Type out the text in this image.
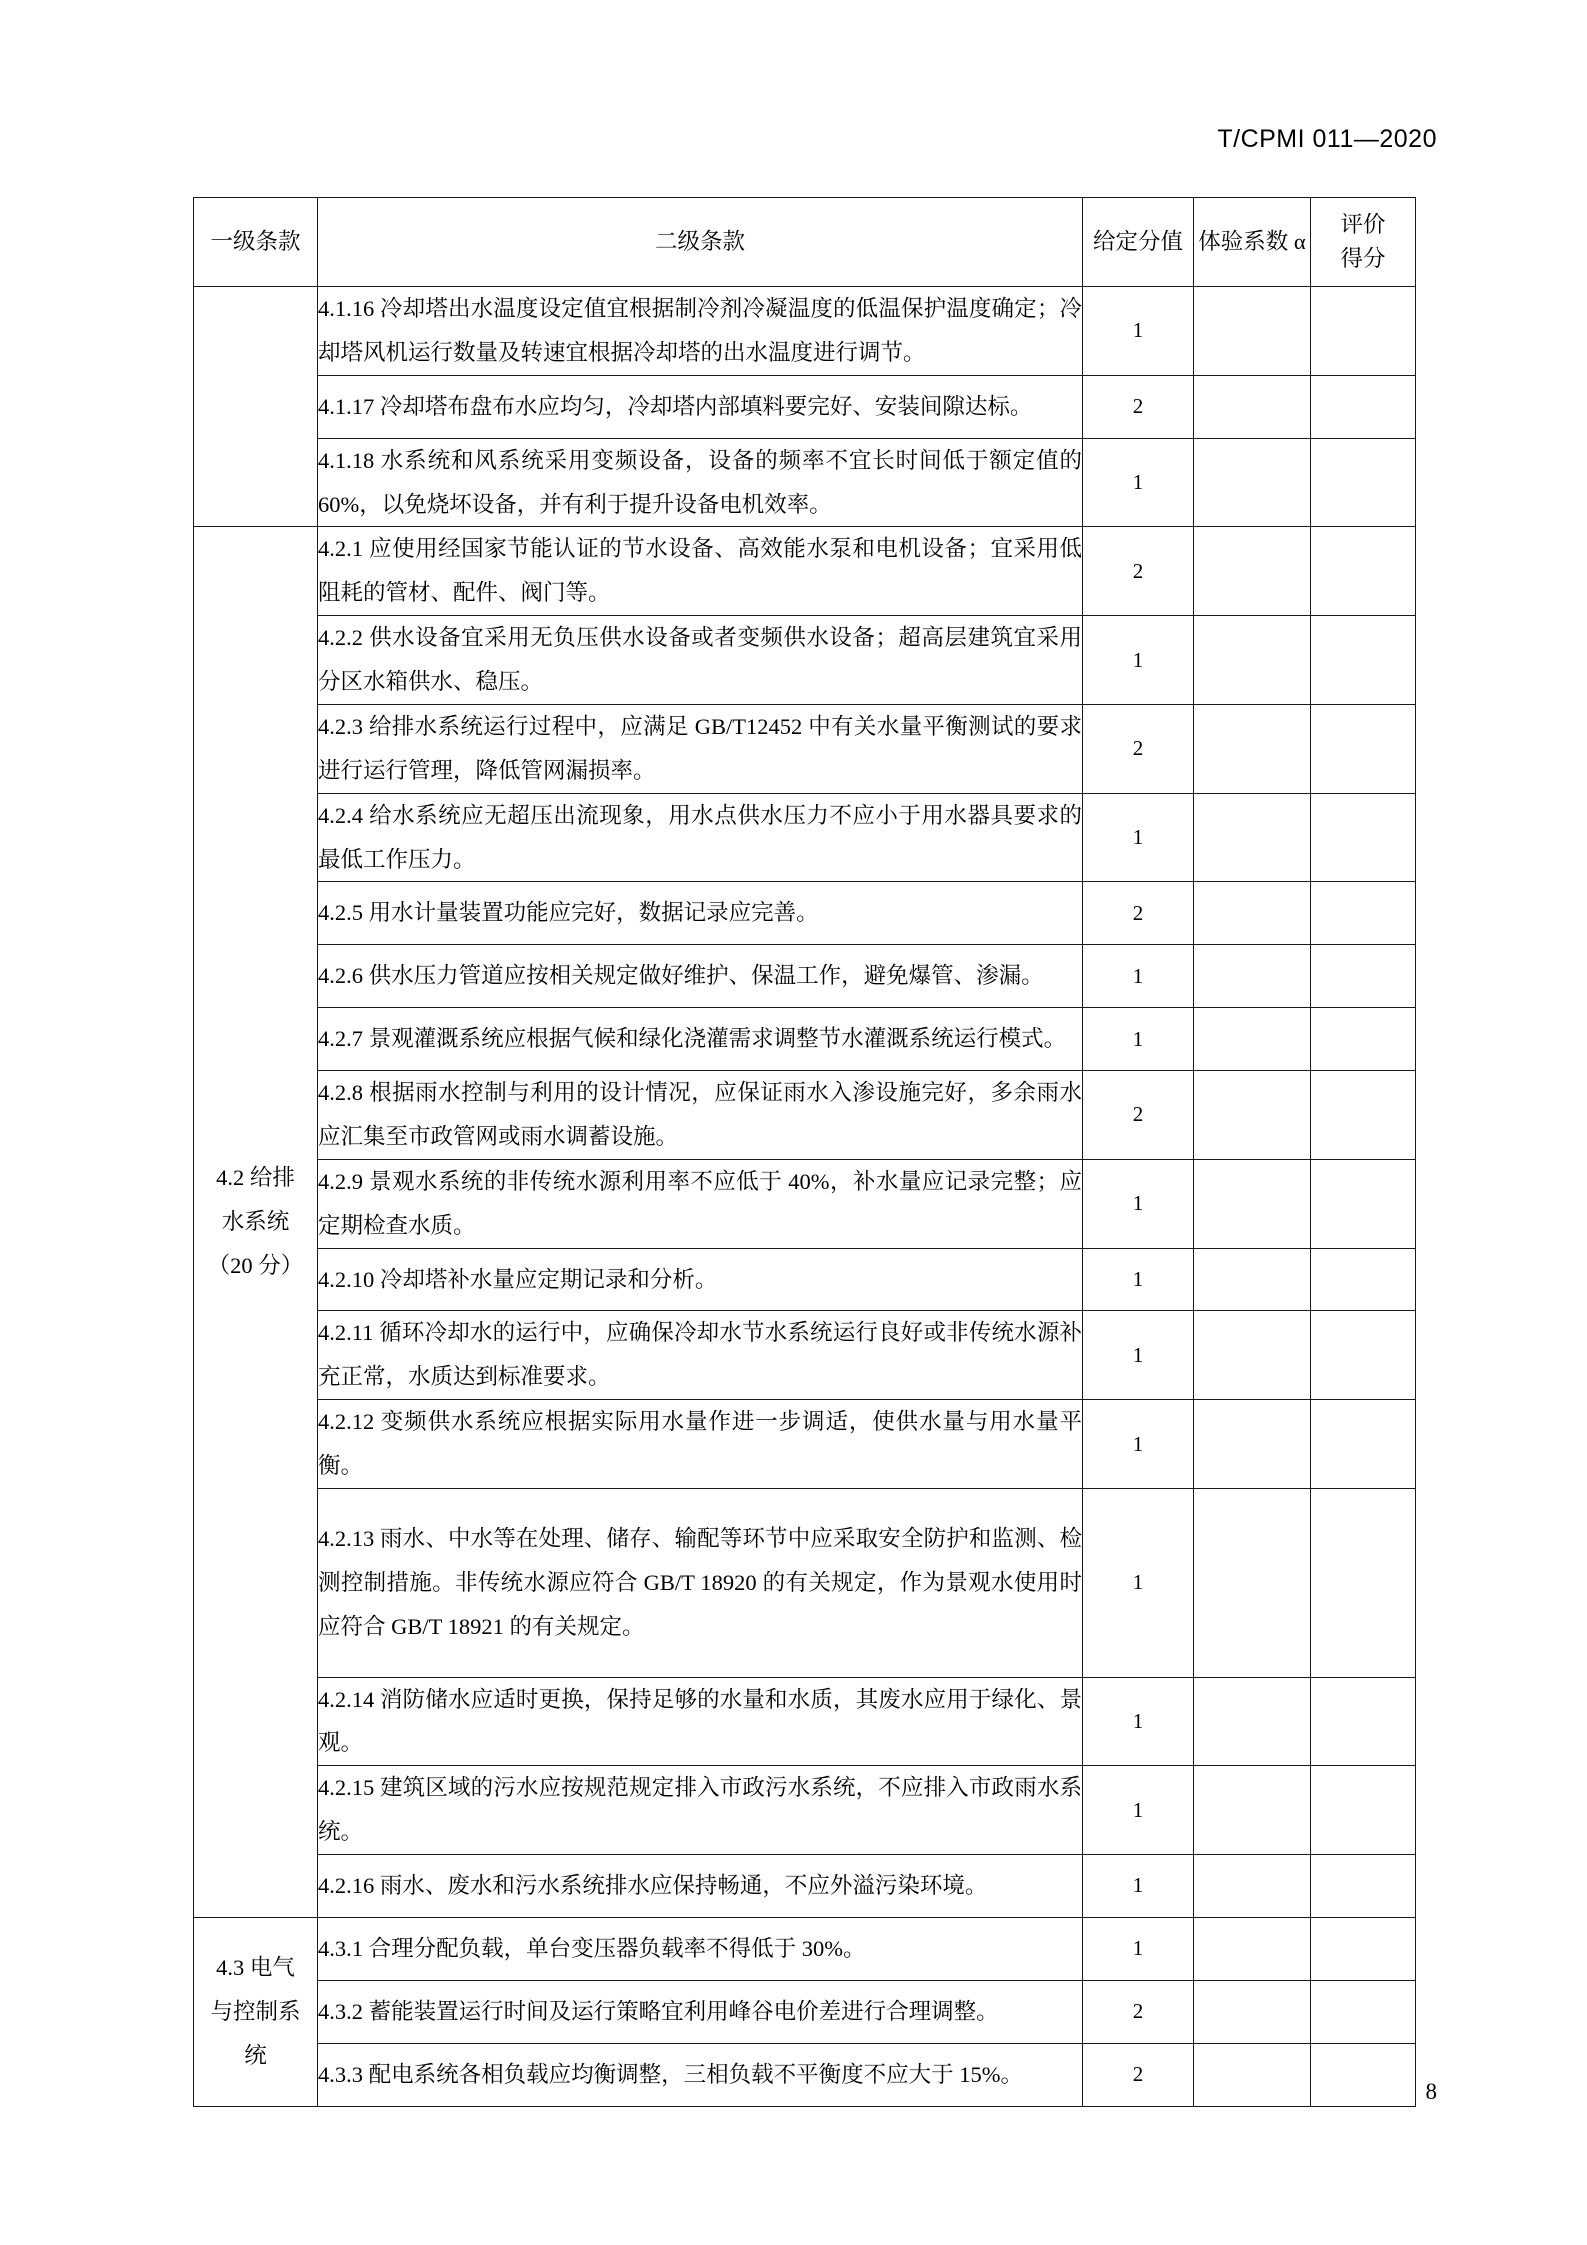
T/CPMI 011—2020
一级条款	二级条款	给定分值	体验系数 α	评价
得分

	4.1.16 冷却塔出水温度设定值宜根据制冷剂冷凝温度的低温保护温度确定；冷却塔风机运行数量及转速宜根据冷却塔的出水温度进行调节。	1		
	4.1.17 冷却塔布盘布水应均匀，冷却塔内部填料要完好、安装间隙达标。	2		
	4.1.18 水系统和风系统采用变频设备，设备的频率不宜长时间低于额定值的 60%，以免烧坏设备，并有利于提升设备电机效率。	1		

4.2 给排
水系统
（20 分）	4.2.1 应使用经国家节能认证的节水设备、高效能水泵和电机设备；宜采用低阻耗的管材、配件、阀门等。	2		
	4.2.2 供水设备宜采用无负压供水设备或者变频供水设备；超高层建筑宜采用分区水箱供水、稳压。	1		
	4.2.3 给排水系统运行过程中，应满足 GB/T12452 中有关水量平衡测试的要求进行运行管理，降低管网漏损率。	2		
	4.2.4 给水系统应无超压出流现象，用水点供水压力不应小于用水器具要求的最低工作压力。	1		
	4.2.5 用水计量装置功能应完好，数据记录应完善。	2		
	4.2.6 供水压力管道应按相关规定做好维护、保温工作，避免爆管、渗漏。	1		
	4.2.7 景观灌溉系统应根据气候和绿化浇灌需求调整节水灌溉系统运行模式。	1		
	4.2.8 根据雨水控制与利用的设计情况，应保证雨水入渗设施完好，多余雨水应汇集至市政管网或雨水调蓄设施。	2		
	4.2.9 景观水系统的非传统水源利用率不应低于 40%，补水量应记录完整；应定期检查水质。	1		
	4.2.10 冷却塔补水量应定期记录和分析。	1		
	4.2.11 循环冷却水的运行中，应确保冷却水节水系统运行良好或非传统水源补充正常，水质达到标准要求。	1		
	4.2.12 变频供水系统应根据实际用水量作进一步调适，使供水量与用水量平衡。	1		
	4.2.13 雨水、中水等在处理、储存、输配等环节中应采取安全防护和监测、检测控制措施。非传统水源应符合 GB/T 18920 的有关规定，作为景观水使用时应符合 GB/T 18921 的有关规定。	1		
	4.2.14 消防储水应适时更换，保持足够的水量和水质，其废水应用于绿化、景观。	1		
	4.2.15 建筑区域的污水应按规范规定排入市政污水系统，不应排入市政雨水系统。	1		
	4.2.16 雨水、废水和污水系统排水应保持畅通，不应外溢污染环境。	1		

4.3 电气
与控制系
统	4.3.1 合理分配负载，单台变压器负载率不得低于 30%。	1		
	4.3.2 蓄能装置运行时间及运行策略宜利用峰谷电价差进行合理调整。	2		
	4.3.3 配电系统各相负载应均衡调整，三相负载不平衡度不应大于 15%。	2		
8
